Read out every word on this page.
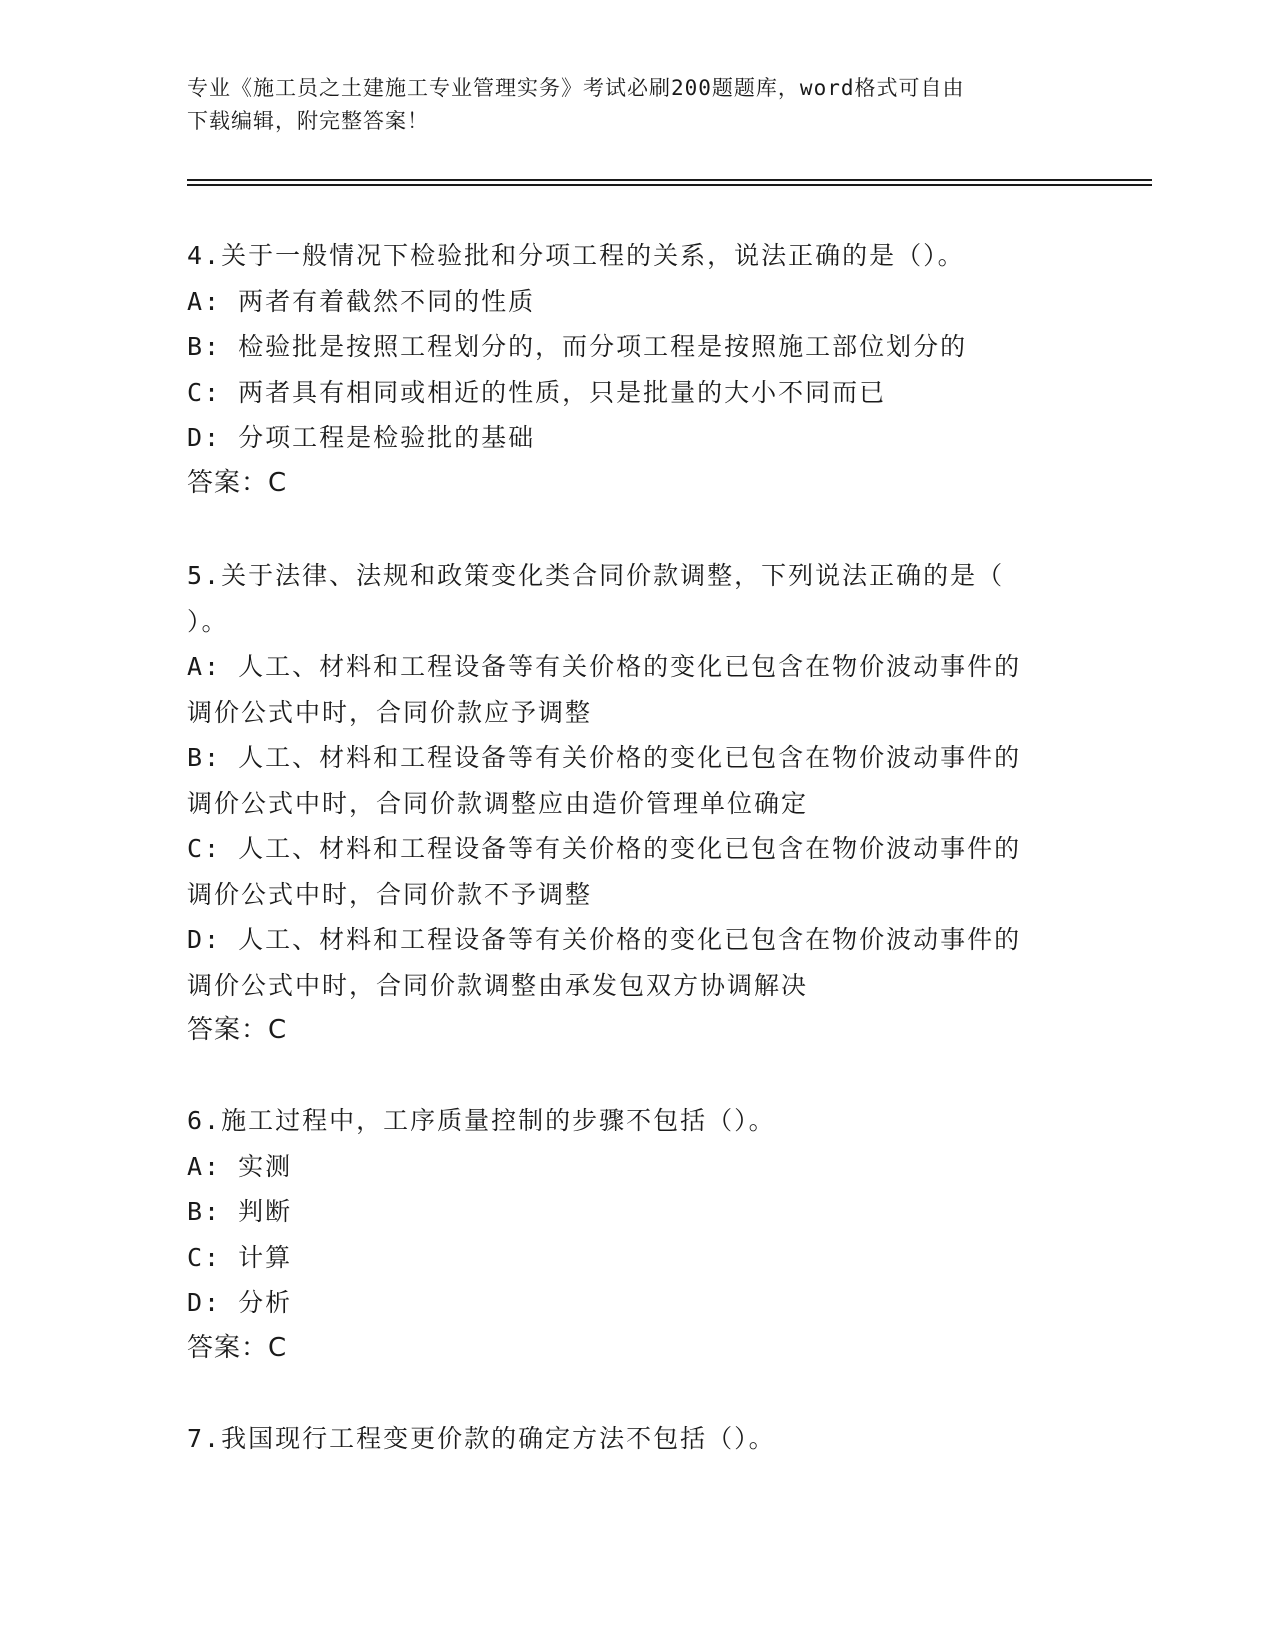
专业《施工员之土建施工专业管理实务》考试必刷200题题库，word格式可自由
下载编辑，附完整答案！
4.关于一般情况下检验批和分项工程的关系，说法正确的是（）。
A: 两者有着截然不同的性质
B: 检验批是按照工程划分的，而分项工程是按照施工部位划分的
C: 两者具有相同或相近的性质，只是批量的大小不同而已
D: 分项工程是检验批的基础
答案：C
5.关于法律、法规和政策变化类合同价款调整，下列说法正确的是（
）。
A: 人工、材料和工程设备等有关价格的变化已包含在物价波动事件的
调价公式中时，合同价款应予调整
B: 人工、材料和工程设备等有关价格的变化已包含在物价波动事件的
调价公式中时，合同价款调整应由造价管理单位确定
C: 人工、材料和工程设备等有关价格的变化已包含在物价波动事件的
调价公式中时，合同价款不予调整
D: 人工、材料和工程设备等有关价格的变化已包含在物价波动事件的
调价公式中时，合同价款调整由承发包双方协调解决
答案：C
6.施工过程中，工序质量控制的步骤不包括（）。
A: 实测
B: 判断
C: 计算
D: 分析
答案：C
7.我国现行工程变更价款的确定方法不包括（）。
